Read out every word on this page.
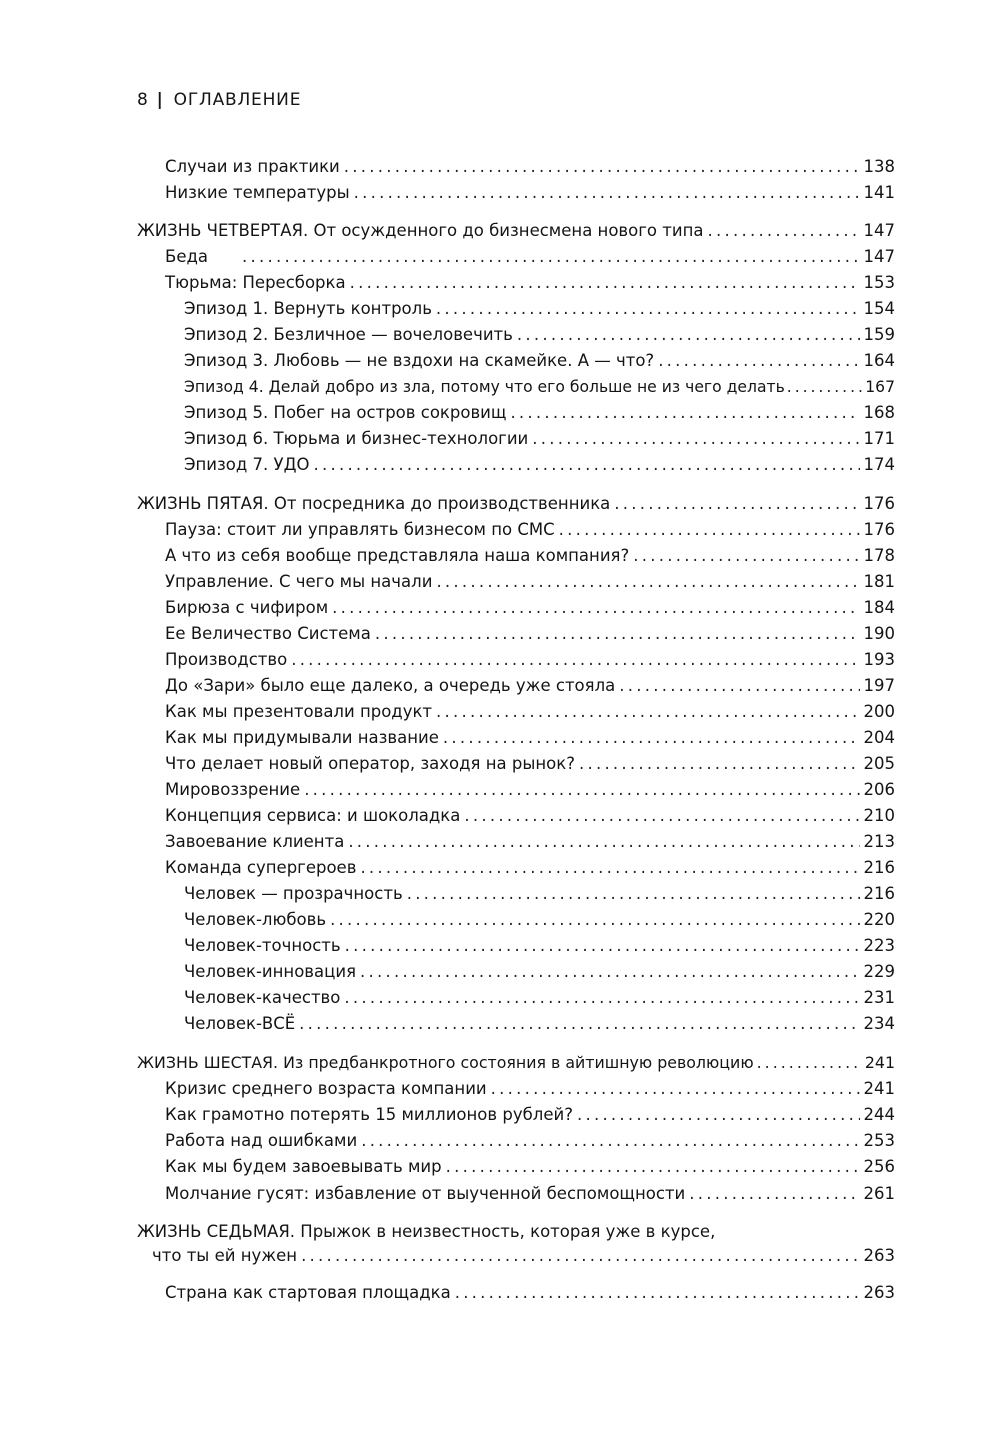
8 | ОГЛАВЛЕНИЕ
Случаи из практики . . .	138
Низкие температуры . . .	141
ЖИЗНЬ ЧЕТВЕРТАЯ. От осужденного до бизнесмена нового типа . . .	147
Беда . . .	147
Тюрьма: Пересборка . . .	153
Эпизод 1. Вернуть контроль . . .	154
Эпизод 2. Безличное — вочеловечить . . .	159
Эпизод 3. Любовь — не вздохи на скамейке. А — что? . . .	164
Эпизод 4. Делай добро из зла, потому что его больше не из чего делать . . .	167
Эпизод 5. Побег на остров сокровищ . . .	168
Эпизод 6. Тюрьма и бизнес-технологии . . .	171
Эпизод 7. УДО . . .	174
ЖИЗНЬ ПЯТАЯ. От посредника до производственника . . .	176
Пауза: стоит ли управлять бизнесом по СМС . . .	176
А что из себя вообще представляла наша компания? . . .	178
Управление. С чего мы начали . . .	181
Бирюза с чифиром . . .	184
Ее Величество Система . . .	190
Производство . . .	193
До «Зари» было еще далеко, а очередь уже стояла . . .	197
Как мы презентовали продукт . . .	200
Как мы придумывали название . . .	204
Что делает новый оператор, заходя на рынок? . . .	205
Мировоззрение . . .	206
Концепция сервиса: и шоколадка . . .	210
Завоевание клиента . . .	213
Команда супергероев . . .	216
Человек — прозрачность . . .	216
Человек-любовь . . .	220
Человек-точность . . .	223
Человек-инновация . . .	229
Человек-качество . . .	231
Человек-ВСЁ . . .	234
ЖИЗНЬ ШЕСТАЯ. Из предбанкротного состояния в айтишную революцию . . .	241
Кризис среднего возраста компании . . .	241
Как грамотно потерять 15 миллионов рублей? . . .	244
Работа над ошибками . . .	253
Как мы будем завоевывать мир . . .	256
Молчание гусят: избавление от выученной беспомощности . . .	261
ЖИЗНЬ СЕДЬМАЯ. Прыжок в неизвестность, которая уже в курсе,
что ты ей нужен . . .	263
Страна как стартовая площадка . . .	263
